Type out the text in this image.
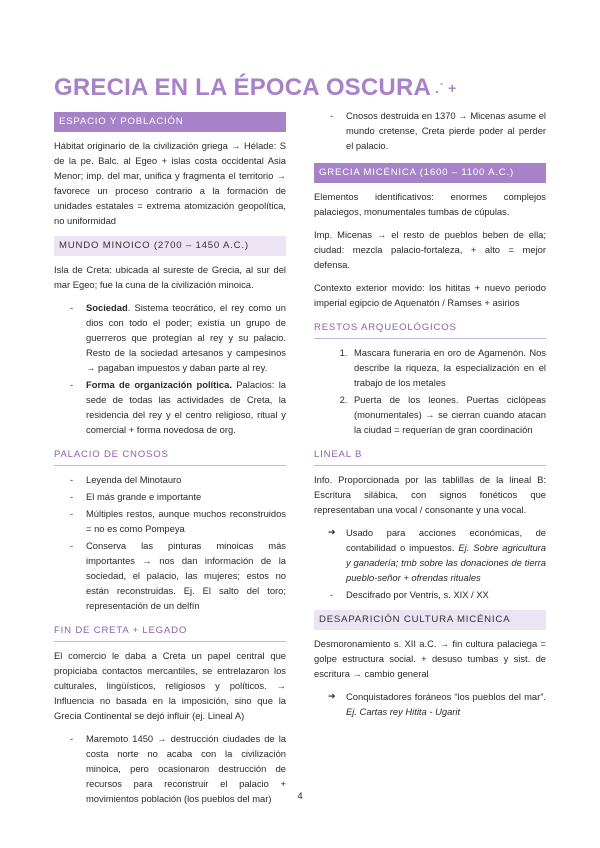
GRECIA EN LA ÉPOCA OSCURA .˙ +
ESPACIO Y POBLACIÓN

Hábitat originario de la civilización griega → Hélade: S de la pe. Balc. al Egeo + islas costa occidental Asia Menor; imp. del mar, unifica y fragmenta el territorio → favorece un proceso contrario a la formación de unidades estatales = extrema atomización geopolítica, no uniformidad

MUNDO MINOICO (2700 – 1450 A.C.)

Isla de Creta: ubicada al sureste de Grecia, al sur del mar Egeo; fue la cuna de la civilización minoica.

- Sociedad. Sistema teocrático, el rey como un dios con todo el poder; existía un grupo de guerreros que protegían al rey y su palacio. Resto de la sociedad artesanos y campesinos → pagaban impuestos y daban parte al rey.
- Forma de organización política. Palacios: la sede de todas las actividades de Creta, la residencia del rey y el centro religioso, ritual y comercial + forma novedosa de org.
PALACIO DE CNOSOS
- Leyenda del Minotauro
- El más grande e importante
- Múltiples restos, aunque muchos reconstruidos = no es como Pompeya
- Conserva las pinturas minoicas más importantes → nos dan información de la sociedad, el palacio, las mujeres; estos no están reconstruidas. Ej. El salto del toro; representación de un delfín
FIN DE CRETA + LEGADO

El comercio le daba a Creta un papel central que propiciaba contactos mercantiles, se entrelazaron los culturales, lingüísticos, religiosos y políticos. → Influencia no basada en la imposición, sino que la Grecia Continental se dejó influir (ej. Lineal A)

- Maremoto 1450 → destrucción ciudades de la costa norte no acaba con la civilización minoica, pero ocasionaron destrucción de recursos para reconstruir el palacio + movimientos población (los pueblos del mar)
- Cnosos destruida en 1370 → Micenas asume el mundo cretense, Creta pierde poder al perder el palacio.
GRECIA MICÉNICA (1600 – 1100 A.C.)

Elementos identificativos: enormes complejos palaciegos, monumentales tumbas de cúpulas.

Imp. Micenas → el resto de pueblos beben de ella; ciudad: mezcla palacio-fortaleza, + alto = mejor defensa.

Contexto exterior movido: los hititas + nuevo periodo imperial egipcio de Aquenatón / Ramses + asirios

RESTOS ARQUEOLÓGICOS
1. Mascara funeraria en oro de Agamenón. Nos describe la riqueza, la especialización en el trabajo de los metales
2. Puerta de los leones. Puertas ciclópeas (monumentales) → se cierran cuando atacan la ciudad = requerían de gran coordinación
LINEAL B

Info. Proporcionada por las tablillas de la lineal B: Escritura silábica, con signos fonéticos que representaban una vocal / consonante y una vocal.

➔ Usado para acciones económicas, de contabilidad o impuestos. Ej. Sobre agricultura y ganadería; tmb sobre las donaciones de tierra pueblo-señor + ofrendas rituales
- Descifrado por Ventris, s. XIX / XX
DESAPARICIÓN CULTURA MICÉNICA

Desmoronamiento s. XII a.C. → fin cultura palaciega = golpe estructura social. + desuso tumbas y sist. de escritura → cambio general

➔ Conquistadores foráneos “los pueblos del mar”. Ej. Cartas rey Hitita - Ugarit
4
